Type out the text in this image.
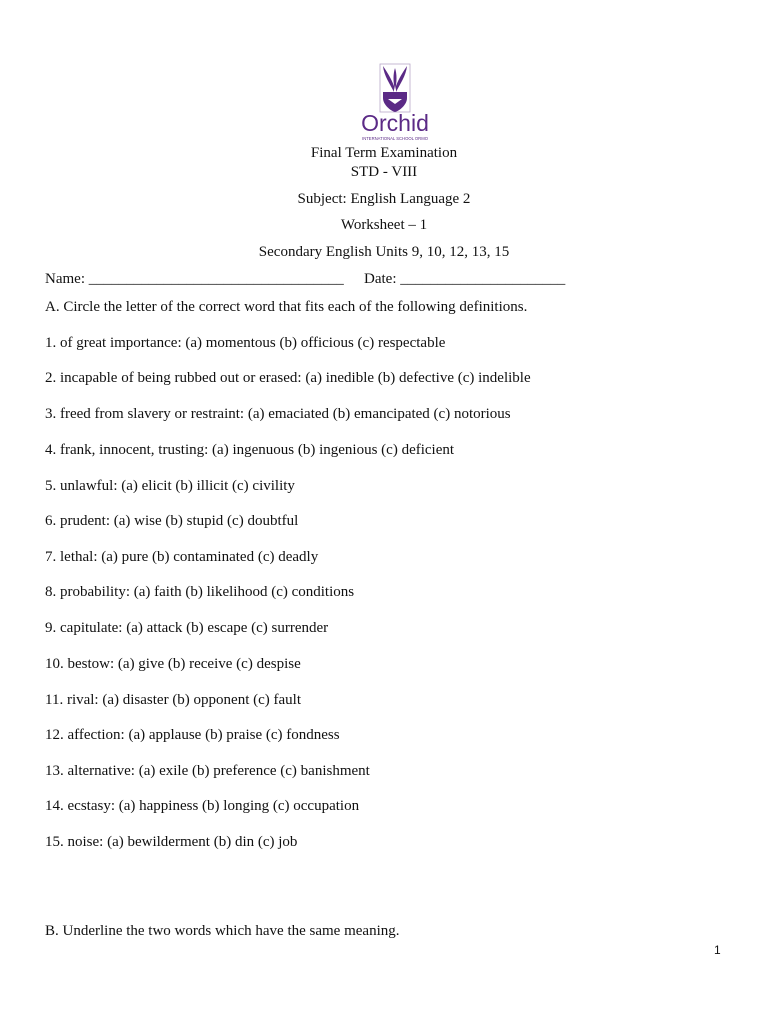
Orchid
INTERNATIONAL SCHOOL ORMO
Final Term Examination
STD - VIII
Subject: English Language 2
Worksheet – 1
Secondary English Units 9, 10, 12, 13, 15
Name: __________________________________ Date: ______________________
A. Circle the letter of the correct word that fits each of the following definitions.
1. of great importance: (a) momentous (b) officious (c) respectable
2. incapable of being rubbed out or erased: (a) inedible (b) defective (c) indelible
3. freed from slavery or restraint: (a) emaciated (b) emancipated (c) notorious
4. frank, innocent, trusting: (a) ingenuous (b) ingenious (c) deficient
5. unlawful: (a) elicit (b) illicit (c) civility
6. prudent: (a) wise (b) stupid (c) doubtful
7. lethal: (a) pure (b) contaminated (c) deadly
8. probability: (a) faith (b) likelihood (c) conditions
9. capitulate: (a) attack (b) escape (c) surrender
10. bestow: (a) give (b) receive (c) despise
11. rival: (a) disaster (b) opponent (c) fault
12. affection: (a) applause (b) praise (c) fondness
13. alternative: (a) exile (b) preference (c) banishment
14. ecstasy: (a) happiness (b) longing (c) occupation
15. noise: (a) bewilderment (b) din (c) job
B. Underline the two words which have the same meaning.
1
